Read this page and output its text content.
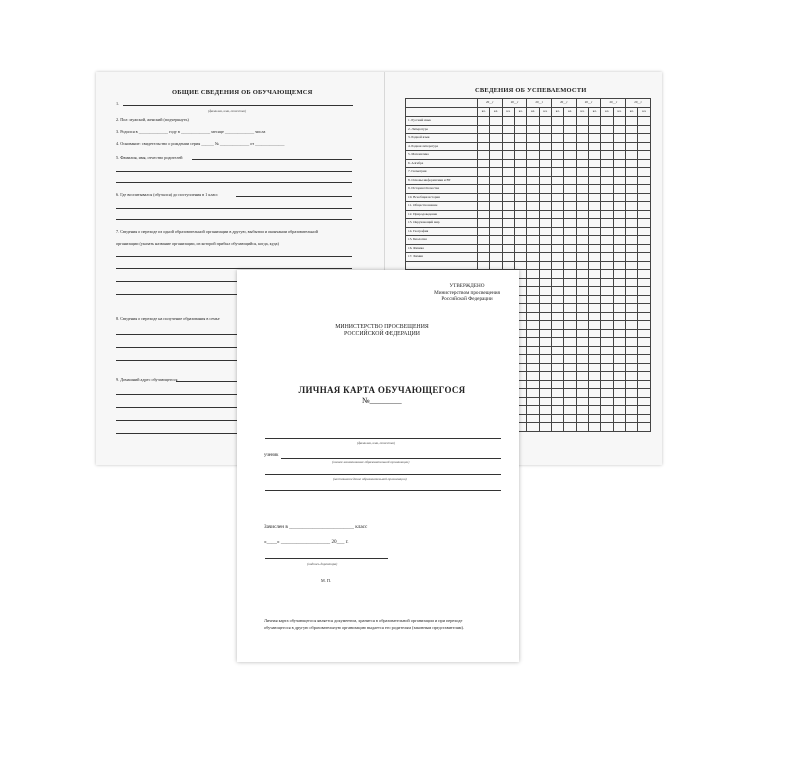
ОБЩИЕ СВЕДЕНИЯ ОБ ОБУЧАЮЩЕМСЯ
1.
(фамилия, имя, отчество)
2. Пол: мужской, женский (подчеркнуть)
3. Родился в ______________ году в ______________ месяце ______________ числа
4. Основание: свидетельство о рождении серия ______ № ______________ от ______________
5. Фамилия, имя, отчество родителей
6. Где воспитывался (обучался) до поступления в 1 класс
7. Сведения о переходе из одной образовательной организации в другую, выбытии и окончании образовательной
организации (указать название организации, из которой прибыл обучающийся, когда, куда)
8. Сведения о переходе на получение образования в семье
9. Домашний адрес обучающегося
СВЕДЕНИЯ ОБ УСПЕВАЕМОСТИ
	20__г		20__г		20__г		20__г		20__г		20__г		20__г	
	кл.	кл.	кл.	кл.	кл.	кл.	кл.	кл.	кл.	кл.	кл.	кл.	кл.	кл.
1. Русский язык														
2. Литература														
3. Родной язык														
4. Родная литература														
5. Математика														
6. Алгебра														
7. Геометрия														
8. Основы информатики и ВТ														
9. История Отечества														
10. Всеобщая история														
11. Обществознание														
12. Природоведение														
13. Окружающий мир														
14. География														
15. Биология														
16. Физика														
17. Химия														

УТВЕРЖДЕНО
Министерством просвещения
Российской Федерации
МИНИСТЕРСТВО ПРОСВЕЩЕНИЯ
РОССИЙСКОЙ ФЕДЕРАЦИИ
ЛИЧНАЯ КАРТА ОБУЧАЮЩЕГОСЯ
№________
(фамилия, имя, отчество)
ученик
(полное наименование образовательной организации)
(местонахождение образовательной организации)
Зачислен в _________________________ класс
«____» ___________________ 20___ г.
(подпись директора)
М. П.
Личная карта обучающегося является документом, хранится в образовательной организации и при переходе
обучающегося в другую образовательную организацию выдается его родителям (законным представителям).
